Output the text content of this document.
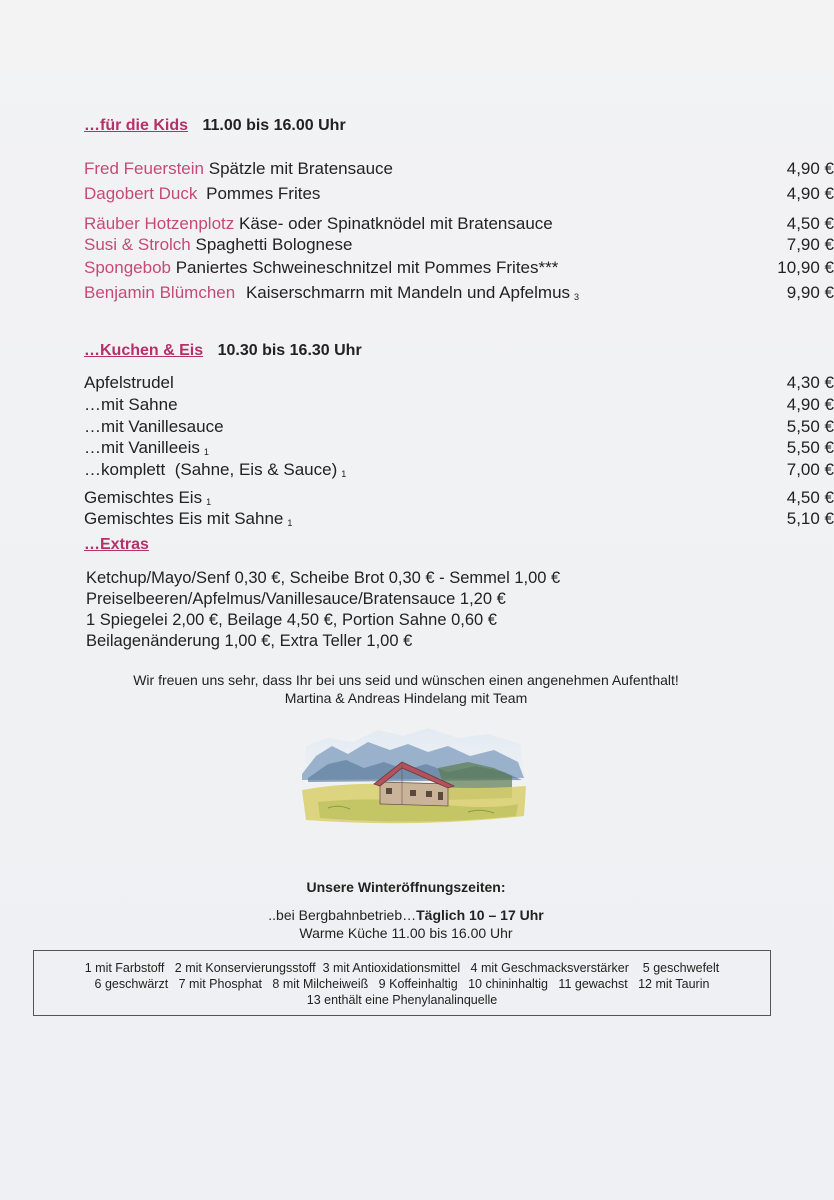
…für die Kids 11.00 bis 16.00 Uhr
Fred Feuerstein Spätzle mit Bratensauce	4,90 €
Dagobert Duck Pommes Frites	4,90 €
Räuber Hotzenplotz Käse- oder Spinatknödel mit Bratensauce	4,50 €
Susi & Strolch Spaghetti Bolognese	7,90 €
Spongebob Paniertes Schweineschnitzel mit Pommes Frites***	10,90 €
Benjamin Blümchen Kaiserschmarrn mit Mandeln und Apfelmus 3	9,90 €
…Kuchen & Eis 10.30 bis 16.30 Uhr
Apfelstrudel	4,30 €
…mit Sahne	4,90 €
…mit Vanillesauce	5,50 €
…mit Vanilleeis 1	5,50 €
…komplett  (Sahne, Eis & Sauce) 1	7,00 €
Gemischtes Eis 1	4,50 €
Gemischtes Eis mit Sahne 1	5,10 €
…Extras
Ketchup/Mayo/Senf 0,30 €, Scheibe Brot 0,30 € - Semmel 1,00 €
Preiselbeeren/Apfelmus/Vanillesauce/Bratensauce 1,20 €
1 Spiegelei 2,00 €, Beilage 4,50 €, Portion Sahne 0,60 €
Beilagenänderung 1,00 €, Extra Teller 1,00 €
Wir freuen uns sehr, dass Ihr bei uns seid und wünschen einen angenehmen Aufenthalt!
Martina & Andreas Hindelang mit Team
Unsere Winteröffnungszeiten:
..bei Bergbahnbetrieb…Täglich 10 – 17 Uhr
Warme Küche 11.00 bis 16.00 Uhr
1 mit Farbstoff   2 mit Konservierungsstoff  3 mit Antioxidationsmittel   4 mit Geschmacksverstärker    5 geschwefelt
6 geschwärzt   7 mit Phosphat   8 mit Milcheiweiß   9 Koffeinhaltig   10 chininhaltig   11 gewachst   12 mit Taurin
13 enthält eine Phenylanalinquelle
